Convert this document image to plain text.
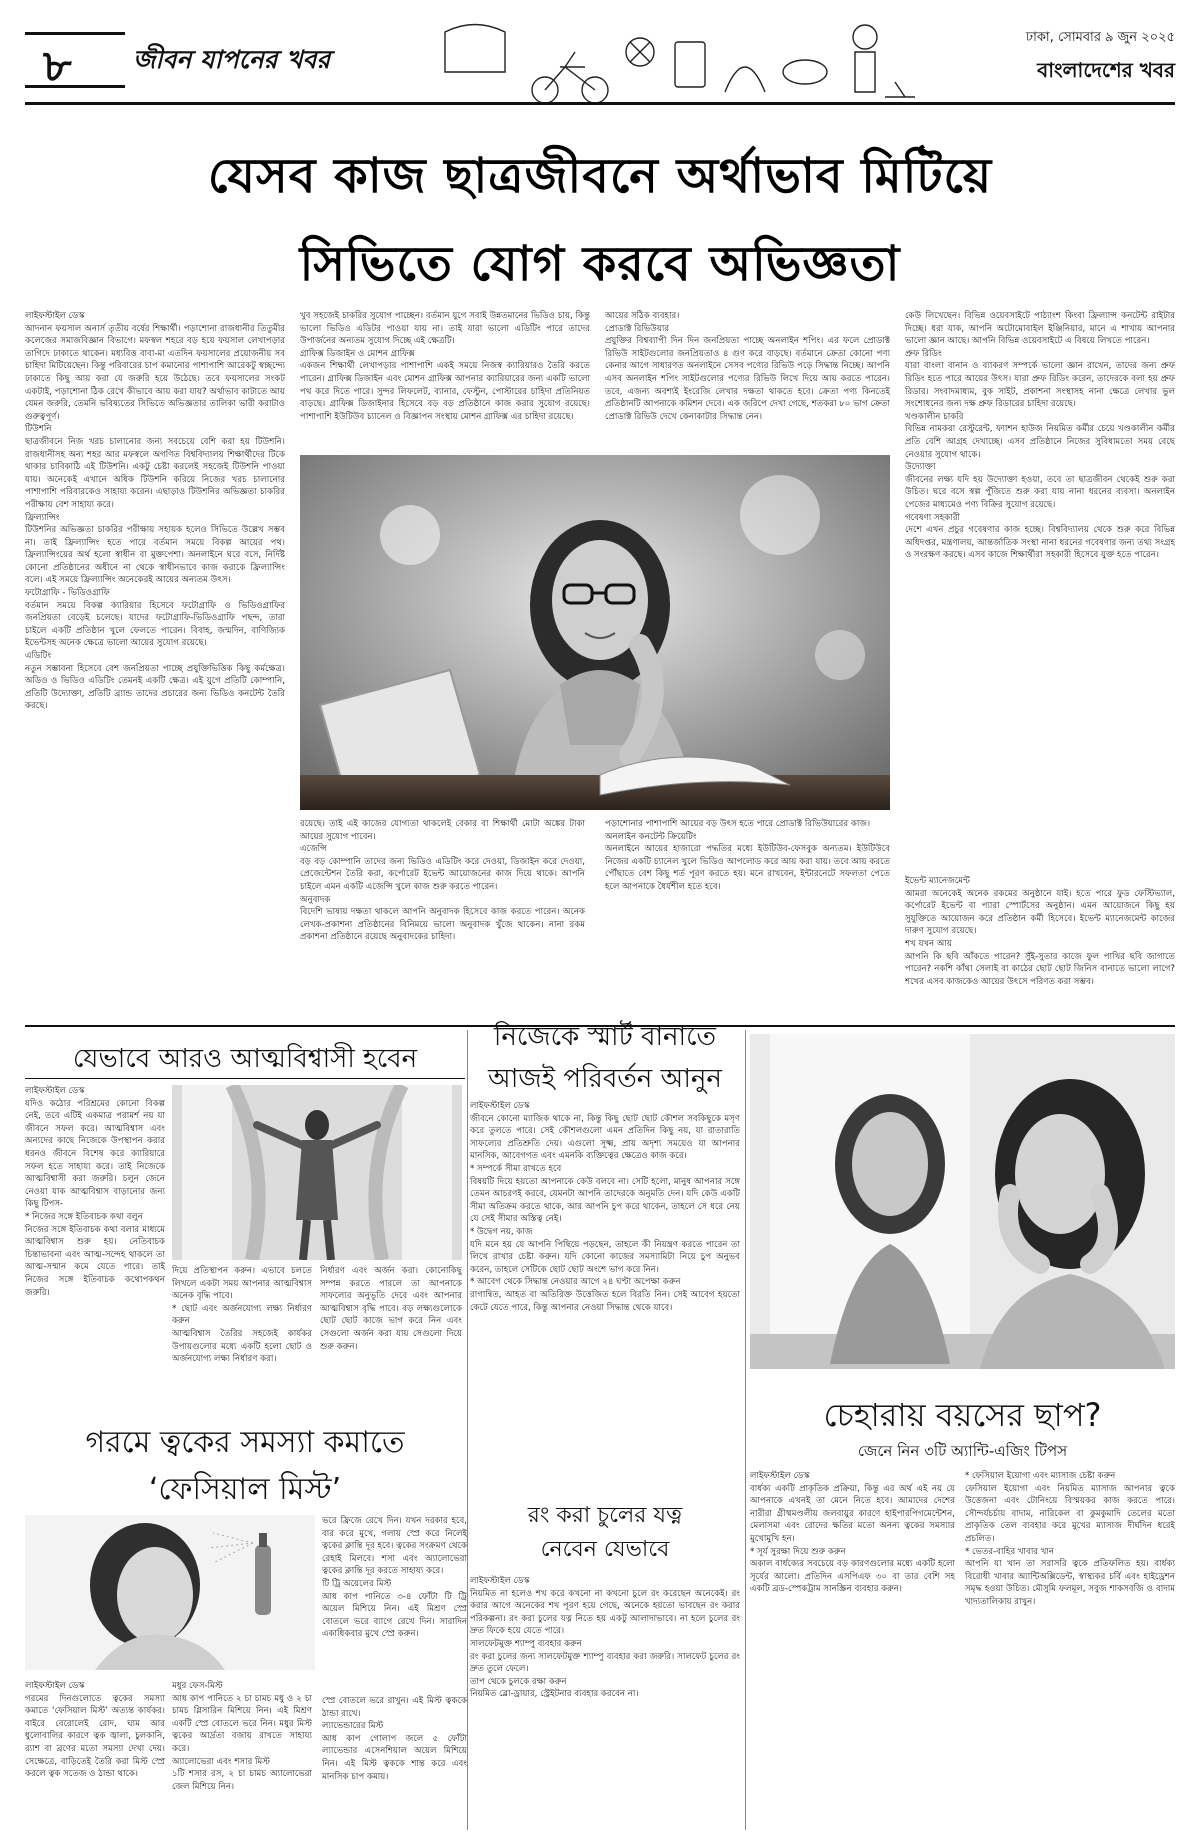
৮ জীবন যাপনের খবর
ঢাকা, সোমবার ৯ জুন ২০২৫
বাংলাদেশের খবর
যেসব কাজ ছাত্রজীবনে অর্থাভাব মিটিয়ে
সিভিতে যোগ করবে অভিজ্ঞতা
লাইফস্টাইল ডেস্ক
আদনান ফয়সাল অনার্স তৃতীয় বর্ষের শিক্ষার্থী। পড়াশোনা রাজধানীর তিতুমীর কলেজের সমাজবিজ্ঞান বিভাগে। মফস্বল শহরে বড় হয়ে ফয়সাল লেখাপড়ার তাগিদে ঢাকাতে থাকেন। মধ্যবিত্ত বাবা-মা এতদিন ফয়সালের প্রয়োজনীয় সব চাহিদা মিটিয়েছেন। কিন্তু পরিবারের চাপ কমানোর পাশাপাশি আরেকটু স্বচ্ছন্দ্যে ঢাকাতে কিছু আয় করা যে জরুরি হয়ে উঠেছে। তবে ফয়সালের সংকট একটাই, পড়াশোনা ঠিক রেখে কীভাবে আয় করা যায়? অর্থাভাব কাটাতে আয় যেমন জরুরি, তেমনি ভবিষ্যতের সিভিতে অভিজ্ঞতার তালিকা ভারী করাটাও গুরুত্বপূর্ণ।
টিউশনি
ছাত্রজীবনে নিজ খরচ চালানোর জন্য সবচেয়ে বেশি করা হয় টিউশনি। রাজধানীসহ অন্য শহর আর মফস্বলে অগণিত বিশ্ববিদ্যালয় শিক্ষার্থীদের টিকে থাকার চাবিকাঠি এই টিউশনি। একটু চেষ্টা করলেই সহজেই টিউশনি পাওয়া যায়। অনেকেই এখানে অধিক টিউশনি করিয়ে নিজের খরচ চালানোর পাশাপাশি পরিবারকেও সাহায্য করেন। এছাড়াও টিউশনির অভিজ্ঞতা চাকরির পরীক্ষায় বেশ সাহায্য করে।
ফ্রিল্যান্সিং
টিউশনির অভিজ্ঞতা চাকরির পরীক্ষায় সহায়ক হলেও সিভিতে উল্লেখ সম্ভব না। তাই ফ্রিল্যান্সিং হতে পারে বর্তমান সময়ে বিকল্প আয়ের পথ। ফ্রিল্যান্সিংয়ের অর্থ হলো স্বাধীন বা মুক্তপেশা। অনলাইনে ঘরে বসে, নির্দিষ্ট কোনো প্রতিষ্ঠানের অধীনে না থেকে স্বাধীনভাবে কাজ করাকে ফ্রিল্যান্সিং বলে। এই সময়ে ফ্রিল্যান্সিং অনেকেরই আয়ের অন্যতম উৎস।
ফটোগ্রাফি - ভিডিওগ্রাফি
বর্তমান সময়ে বিকল্প ক্যারিয়ার হিসেবে ফটোগ্রাফি ও ভিডিওগ্রাফির জনপ্রিয়তা বেড়েই চলেছে। যাদের ফটোগ্রাফি-ভিডিওগ্রাফি পছন্দ, তারা চাইলে একটি প্রতিষ্ঠান খুলে ফেলতে পারেন। বিবাহ, জন্মদিন, বাণিজ্যিক ইভেন্টসহ অনেক ক্ষেত্রে ভালো আয়ের সুযোগ রয়েছে।
এডিটিং
নতুন সম্ভাবনা হিসেবে বেশ জনপ্রিয়তা পাচ্ছে প্রযুক্তিভিত্তিক কিছু কর্মক্ষেত্র। অডিও ও ভিডিও এডিটিং তেমনই একটি ক্ষেত্র। এই যুগে প্রতিটি কোম্পানি, প্রতিটি উদ্যোক্তা, প্রতিটি ব্র্যান্ড তাদের প্রচারের জন্য ভিডিও কনটেন্ট তৈরি করছে।
খুব সহজেই চাকরির সুযোগ পাচ্ছেন। বর্তমান যুগে সবাই উন্নতমানের ভিডিও চায়, কিন্তু ভালো ভিডিও এডিটর পাওয়া যায় না। তাই যারা ভালো এডিটিং পারে তাদের উপার্জনের অন্যতম সুযোগ দিচ্ছে এই ক্ষেত্রটি।
গ্রাফিক্স ডিজাইন ও মোশন গ্রাফিক্স
একজন শিক্ষার্থী লেখাপড়ার পাশাপাশি একই সময়ে নিজস্ব ক্যারিয়ারও তৈরি করতে পারেন। গ্রাফিক্স ডিজাইন এবং মোশন গ্রাফিক্স আপনার ক্যারিয়ারের জন্য একটি ভালো পথ করে দিতে পারে। সুন্দর লিফলেট, ব্যানার, ফেস্টুন, পোস্টারের চাহিদা প্রতিনিয়ত বাড়ছে। গ্রাফিক্স ডিজাইনার হিসেবে বড় বড় প্রতিষ্ঠানে কাজ করার সুযোগ রয়েছে। পাশাপাশি ইউটিউব চ্যানেল ও বিজ্ঞাপন সংস্থায় মোশন গ্রাফিক্স এর চাহিদা রয়েছে।
আয়ের সঠিক ব্যবহার।
প্রোডাক্ট রিভিউয়ার
প্রযুক্তির বিশ্বব্যাপী দিন দিন জনপ্রিয়তা পাচ্ছে অনলাইন শপিং। এর ফলে প্রোডাক্ট রিভিউ সাইটগুলোর জনপ্রিয়তাও ৪ গুণ করে বাড়ছে। বর্তমানে ক্রেতা কোনো পণ্য কেনার আগে সাধারণত অনলাইনে সেসব পণ্যের রিভিউ পড়ে সিদ্ধান্ত নিচ্ছে। আপনি এসব অনলাইন শপিং সাইটগুলোর পণ্যের রিভিউ লিখে দিয়ে আয় করতে পারেন। তবে, এজন্য অবশ্যই ইংরেজি লেখার দক্ষতা থাকতে হবে। ক্রেতা পণ্য কিনতেই প্রতিষ্ঠানটি আপনাকে কমিশন দেবে। এক জরিপে দেখা গেছে, শতকরা ৮০ ভাগ ক্রেতা প্রোডাক্ট রিভিউ দেখে কেনাকাটার সিদ্ধান্ত নেন।
কেউ লিখেছেন। বিভিন্ন ওয়েবসাইটে পাঠ্যাংশ কিংবা ফ্রিল্যান্স কনটেন্ট রাইটার দিচ্ছে। ধরা যাক, আপনি অটোমোবাইল ইঞ্জিনিয়ার, মানে এ শাখায় আপনার ভালো জ্ঞান আছে। আপনি বিভিন্ন ওয়েবসাইটে এ বিষয়ে লিখতে পারেন।
প্রুফ রিডিং
যারা বাংলা বানান ও ব্যাকরণ সম্পর্কে ভালো জ্ঞান রাখেন, তাদের জন্য প্রুফ রিডিং হতে পারে আয়ের উৎস। যারা প্রুফ রিডিং করেন, তাদেরকে বলা হয় প্রুফ রিডার। সংবাদমাধ্যম, বুক সাইট, প্রকাশনা সংস্থাসহ নানা ক্ষেত্রে লেখার ভুল সংশোধনের জন্য দক্ষ প্রুফ রিডারের চাহিদা রয়েছে।
খণ্ডকালীন চাকরি
বিভিন্ন নামকরা রেস্টুরেন্ট, ফ্যাশন হাউজ নিয়মিত কর্মীর চেয়ে খণ্ডকালীন কর্মীর প্রতি বেশি আগ্রহ দেখাচ্ছে। এসব প্রতিষ্ঠানে নিজের সুবিধামতো সময় বেছে নেওয়ার সুযোগ থাকে।
উদ্যোক্তা
জীবনের লক্ষ্য যদি হয় উদ্যোক্তা হওয়া, তবে তা ছাত্রজীবন থেকেই শুরু করা উচিত। ঘরে বসে স্বল্প পুঁজিতে শুরু করা যায় নানা ধরনের ব্যবসা। অনলাইন পেজের মাধ্যমেও পণ্য বিক্রির সুযোগ রয়েছে।
গবেষণা সহকারী
দেশে এখন প্রচুর গবেষণার কাজ হচ্ছে। বিশ্ববিদ্যালয় থেকে শুরু করে বিভিন্ন অধিদপ্তর, মন্ত্রণালয়, আন্তর্জাতিক সংস্থা নানা ধরনের গবেষণার জন্য তথ্য সংগ্রহ ও সংরক্ষণ করছে। এসব কাজে শিক্ষার্থীরা সহকারী হিসেবে যুক্ত হতে পারেন।
রয়েছে। তাই এই কাজের যোগ্যতা থাকলেই বেকার বা শিক্ষার্থী মোটা অঙ্কের টাকা আয়ের সুযোগ পাবেন।
এজেন্সি
বড় বড় কোম্পানি তাদের জন্য ভিডিও এডিটিং করে দেওয়া, ডিজাইন করে দেওয়া, প্রেজেন্টেশন তৈরি করা, কর্পোরেট ইভেন্ট আয়োজনের কাজ দিয়ে থাকে। আপনি চাইলে এমন একটি এজেন্সি খুলে কাজ শুরু করতে পারেন।
অনুবাদক
বিদেশি ভাষায় দক্ষতা থাকলে আপনি অনুবাদক হিসেবে কাজ করতে পারেন। অনেক লেখক-প্রকাশনা প্রতিষ্ঠানের বিনিময়ে ভালো অনুবাদক খুঁজে থাকেন। নানা রকম প্রকাশনা প্রতিষ্ঠানে রয়েছে অনুবাদকের চাহিদা।
পড়াশোনার পাশাপাশি আয়ের বড় উৎস হতে পারে প্রোডাক্ট রিভিউয়ারের কাজ।
অনলাইন কনটেন্ট ক্রিয়েটিং
অনলাইনে আয়ের হাজারো পদ্ধতির মধ্যে ইউটিউব-ফেসবুক অন্যতম। ইউটিউবে নিজের একটি চ্যানেল খুলে ভিডিও আপলোড করে আয় করা যায়। তবে আয় করতে পৌঁছাতে বেশ কিছু শর্ত পূরণ করতে হয়। মনে রাখবেন, ইন্টারনেটে সফলতা পেতে হলে আপনাকে ধৈর্যশীল হতে হবে।
ইভেন্ট ম্যানেজমেন্ট
আমরা অনেকেই অনেক রকমের অনুষ্ঠানে যাই। হতে পারে ফুড ফেস্টিভ্যাল, কর্পোরেট ইভেন্ট বা প্যারা স্পোর্টসের অনুষ্ঠান। এমন আয়োজনে কিছু হয় সুযুক্তিতে আয়োজন করে প্রতিষ্ঠান কর্মী হিসেবে। ইভেন্ট ম্যানেজমেন্ট কাজের দারুণ সুযোগ রয়েছে।
শখ যখন আয়
আপনি কি ছবি আঁকতে পারেন? সুঁই-সুতার কাজে ফুল পাখির ছবি জাগাতে পারেন? নকশি কাঁথা সেলাই বা কাঠের ছোট ছোট জিনিস বানাতে ভালো লাগে? শখের এসব কাজকেও আয়ের উৎসে পরিণত করা সম্ভব।
যেভাবে আরও আত্মবিশ্বাসী হবেন
লাইফস্টাইল ডেস্ক
যদিও কঠোর পরিশ্রমের কোনো বিকল্প নেই, তবে এটিই একমাত্র পরামর্শ নয় যা জীবনে সফল করে। আত্মবিশ্বাস এবং অন্যদের কাছে নিজেকে উপস্থাপন করার ধরনও জীবনে বিশেষ করে ক্যারিয়ারে সফল হতে সাহায্য করে। তাই নিজেকে আত্মবিশ্বাসী করা জরুরি। চলুন জেনে নেওয়া যাক আত্মবিশ্বাস বাড়ানোর জন্য কিছু টিপস-
* নিজের সঙ্গে ইতিবাচক কথা বলুন
নিজের সঙ্গে ইতিবাচক কথা বলার মাধ্যমে আত্মবিশ্বাস শুরু হয়। নেতিবাচক চিন্তাভাবনা এবং আত্ম-সন্দেহ থাকলে তা আত্ম-সম্মান কমে যেতে পারে। তাই নিজের সঙ্গে ইতিবাচক কথোপকথন জরুরি।
দিয়ে প্রতিস্থাপন করুন। এভাবে চলতে লিখলে একটা সময় আপনার আত্মবিশ্বাস অনেক বৃদ্ধি পাবে।
* ছোট এবং অর্জনযোগ্য লক্ষ্য নির্ধারণ করুন
আত্মবিশ্বাস তৈরির সহজেই কার্যকর উপায়গুলোর মধ্যে একটি হলো ছোট ও অর্জনযোগ্য লক্ষ্য নির্ধারণ করা।
নির্ধারণ এবং অর্জন করা। কোনোকিছু সম্পন্ন করতে পারলে তা আপনাকে সাফল্যের অনুভূতি দেবে এবং আপনার আত্মবিশ্বাস বৃদ্ধি পাবে। বড় লক্ষ্যগুলোকে ছোট ছোট কাজে ভাগ করে নিন এবং সেগুলো অর্জন করা যায় সেগুলো দিয়ে শুরু করুন।
নিজেকে স্মার্ট বানাতে
আজই পরিবর্তন আনুন
লাইফস্টাইল ডেস্ক
জীবনে কোনো ম্যাজিক থাকে না, কিন্তু কিছু ছোট ছোট কৌশল সবকিছুকে মসৃণ করে তুলতে পারে। সেই কৌশলগুলো এমন প্রতিদিন কিছু নয়, যা রাতারাতি সাফল্যের প্রতিশ্রুতি দেয়। এগুলো সূক্ষ্ম, প্রায় অদৃশ্য সময়েও যা আপনার মানসিক, আবেগগত এবং এমনকি ব্যক্তিত্বের ক্ষেত্রেও কাজ করে।
* সম্পর্কে সীমা রাখতে হবে
বিষয়টি দিয়ে হয়তো আপনাকে কেউ বলবে না। সেটি হলো, মানুষ আপনার সঙ্গে তেমন আচরণই করবে, যেমনটা আপনি তাদেরকে অনুমতি দেন। যদি কেউ একটি সীমা অতিক্রম করতে থাকে, আর আপনি চুপ করে থাকেন, তাহলে সে ধরে নেয় যে সেই সীমার অস্তিত্ব নেই।
* উদ্বেগ নয়, কাজ
যদি মনে হয় যে আপনি পিছিয়ে পড়ছেন, তাহলে কী নিয়ন্ত্রণ করতে পারেন তা লিখে রাখার চেষ্টা করুন। যদি কোনো কাজের সমস্যামিটা নিয়ে চুপ অনুভব করেন, তাহলে সেটিকে ছোট ছোট অংশে ভাগ করে নিন।
* আবেগ থেকে সিদ্ধান্ত নেওয়ার আগে ২৪ ঘণ্টা অপেক্ষা করুন
রাগান্বিত, আহত বা অতিরিক্ত উত্তেজিত হলে বিরতি নিন। সেই আবেগ হয়তো কেটে যেতে পারে, কিন্তু আপনার নেওয়া সিদ্ধান্ত থেকে যাবে।
চেহারায় বয়সের ছাপ?
জেনে নিন ৩টি অ্যান্টি-এজিং টিপস
লাইফস্টাইল ডেস্ক
বার্ধক্য একটি প্রাকৃতিক প্রক্রিয়া, কিন্তু এর অর্থ এই নয় যে আপনাকে এখনই তা মেনে নিতে হবে। আমাদের দেশের নারীরা গ্রীষ্মমণ্ডলীয় জলবায়ুর কারণে হাইপারপিগমেন্টেশন, মেলাসমা এবং রোদের ক্ষতির মতো অনন্য ত্বকের সমস্যার মুখোমুখি হন।
* সূর্য সুরক্ষা দিয়ে শুরু করুন
অকাল বার্ধক্যের সবচেয়ে বড় কারণগুলোর মধ্যে একটি হলো সূর্যের আলো। প্রতিদিন এসপিএফ ৩০ বা তার বেশি সহ একটি ব্রড-স্পেকট্রাম সানস্ক্রিন ব্যবহার করুন।
* ফেসিয়াল ইয়োগা এবং ম্যাসাজ চেষ্টা করুন
ফেসিয়াল ইয়োগা এবং নিয়মিত ম্যাসাজ আপনার ত্বকে উত্তেজনা এবং টোনিংয়ে বিস্ময়কর কাজ করতে পারে। সৌন্দর্যচর্চায় বাদাম, নারিকেল বা কুমকুমাদি তেলের মতো প্রাকৃতিক তেল ব্যবহার করে মুখের ম্যাসাজ দীর্ঘদিন ধরেই প্রচলিত।
* ভেতর-বাহির খাবার খান
আপনি যা খান তা সরাসরি ত্বকে প্রতিফলিত হয়। বার্ধক্য বিরোধী খাবার অ্যান্টিঅক্সিডেন্ট, স্বাস্থ্যকর চর্বি এবং হাইড্রেশন সমৃদ্ধ হওয়া উচিত। মৌসুমি ফলমূল, সবুজ শাকসবজি ও বাদাম খাদ্যতালিকায় রাখুন।
গরমে ত্বকের সমস্যা কমাতে
‘ফেসিয়াল মিস্ট’
ভরে ফ্রিজে রেখে দিন। যখন দরকার হবে, বার করে মুখে, গলায় স্প্রে করে নিলেই ত্বকের ক্লান্তি দূর হবে। ত্বকের সংক্রমণ থেকে রেহাই মিলবে। শসা এবং অ্যালোভেরা ত্বকের ক্লান্তি দূর করতে সাহায্য করে।
টি ট্রি অয়েলের মিস্ট
আধ কাপ পানিতে ৩-৪ ফোঁটা টি ট্রি অয়েল মিশিয়ে নিন। এই মিশ্রণ স্প্রে বোতলে ভরে ব্যাগে রেখে দিন। সারাদিন একাধিকবার মুখে স্প্রে করুন।
লাইফস্টাইল ডেস্ক
গরমের দিনগুলোতে ত্বকের সমস্যা কমাতে ‘ফেসিয়াল মিস্ট’ অত্যন্ত কার্যকর। বাইরে বেরোলেই রোদ, ঘাম আর ধুলোবালির কারণে ত্বক জ্বালা, চুলকানি, র‍্যাশ বা ব্রণের মতো সমস্যা দেখা দেয়। সেক্ষেত্রে, বাড়িতেই তৈরি করা মিস্ট স্প্রে করলে ত্বক সতেজ ও ঠান্ডা থাকে।
মধুর ফেস-মিস্ট
আধ কাপ পানিতে ২ চা চামচ মধু ও ২ চা চামচ গ্লিসারিন মিশিয়ে নিন। এই মিশ্রণ একটি স্প্রে বোতলে ভরে নিন। মধুর মিস্ট ত্বকের আর্দ্রতা বজায় রাখতে সাহায্য করে।
অ্যালোভেরা এবং শসার মিস্ট
১টি শসার রস, ২ চা চামচ অ্যালোভেরা জেল মিশিয়ে নিন।
স্প্রে বোতলে ভরে রাখুন। এই মিস্ট ত্বককে ঠান্ডা রাখে।
ল্যাভেন্ডারের মিস্ট
আধ কাপ গোলাপ জলে ৫ ফোঁটা ল্যাভেন্ডার এসেনশিয়াল অয়েল মিশিয়ে নিন। এই মিস্ট ত্বককে শান্ত করে এবং মানসিক চাপ কমায়।
রং করা চুলের যত্ন
নেবেন যেভাবে
লাইফস্টাইল ডেস্ক
নিয়মিত না হলেও শখ করে কখনো না কখনো চুলে রং করেছেন অনেকেই। রং করার আগে অনেকের শখ পূরণ হয়ে গেছে, অনেকে হয়তো ভাবছেন রং করার পরিকল্পনা। রং করা চুলের যত্ন নিতে হয় একটু আলাদাভাবে। না হলে চুলের রং দ্রুত ফিকে হয়ে যেতে পারে।
সালফেটমুক্ত শ্যাম্পু ব্যবহার করুন
রং করা চুলের জন্য সালফেটমুক্ত শ্যাম্পু ব্যবহার করা জরুরি। সালফেট চুলের রং দ্রুত তুলে ফেলে।
তাপ থেকে চুলকে রক্ষা করুন
নিয়মিত ব্লো-ড্রায়ার, স্ট্রেইটনার ব্যবহার করবেন না।
